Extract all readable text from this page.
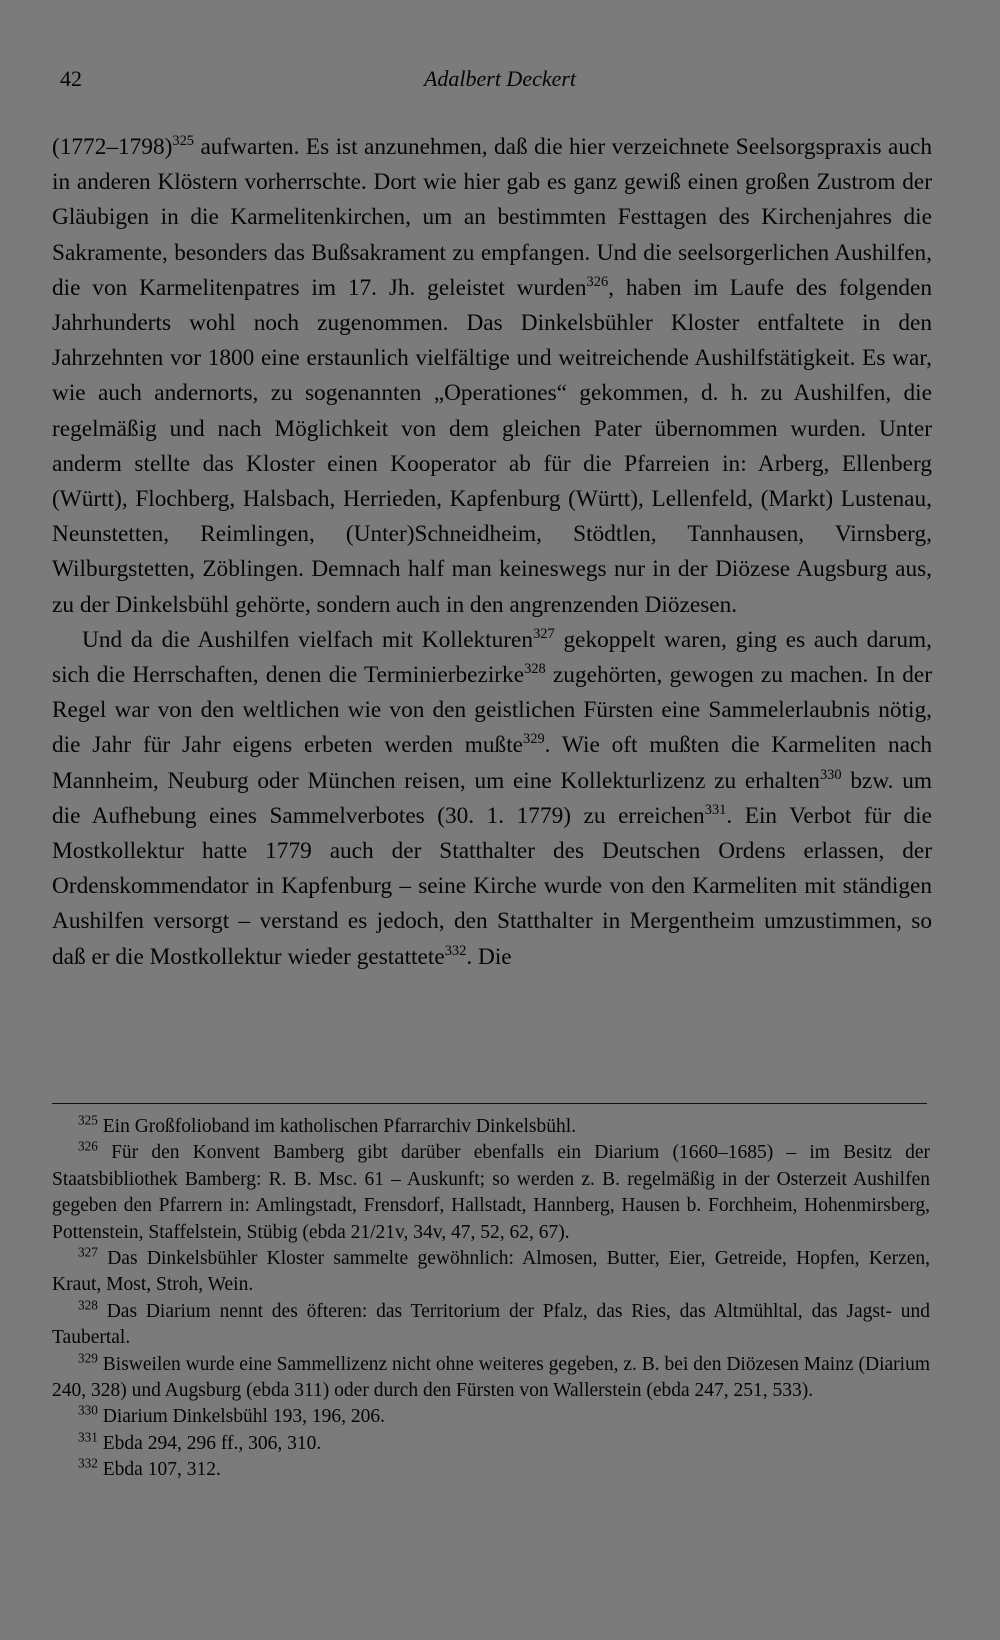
42	Adalbert Deckert

(1772–1798)$^{325}$ aufwarten. Es ist anzunehmen, daß die hier verzeichnete Seelsorgspraxis auch in anderen Klöstern vorherrschte. Dort wie hier gab es ganz gewiß einen großen Zustrom der Gläubigen in die Karmelitenkirchen, um an bestimmten Festtagen des Kirchenjahres die Sakramente, besonders das Bußsakrament zu empfangen. Und die seelsorgerlichen Aushilfen, die von Karmelitenpatres im 17. Jh. geleistet wurden$^{326}$, haben im Laufe des folgenden Jahrhunderts wohl noch zugenommen. Das Dinkelsbühler Kloster entfaltete in den Jahrzehnten vor 1800 eine erstaunlich vielfältige und weitreichende Aushilfstätigkeit. Es war, wie auch andernorts, zu sogenannten „Operationes“ gekommen, d. h. zu Aushilfen, die regelmäßig und nach Möglichkeit von dem gleichen Pater übernommen wurden. Unter anderm stellte das Kloster einen Kooperator ab für die Pfarreien in: Arberg, Ellenberg (Württ), Flochberg, Halsbach, Herrieden, Kapfenburg (Württ), Lellenfeld, (Markt) Lustenau, Neunstetten, Reimlingen, (Unter)Schneidheim, Stödtlen, Tannhausen, Virnsberg, Wilburgstetten, Zöblingen. Demnach half man keineswegs nur in der Diözese Augsburg aus, zu der Dinkelsbühl gehörte, sondern auch in den angrenzenden Diözesen.

Und da die Aushilfen vielfach mit Kollekturen$^{327}$ gekoppelt waren, ging es auch darum, sich die Herrschaften, denen die Terminierbezirke$^{328}$ zugehörten, gewogen zu machen. In der Regel war von den weltlichen wie von den geistlichen Fürsten eine Sammelerlaubnis nötig, die Jahr für Jahr eigens erbeten werden mußte$^{329}$. Wie oft mußten die Karmeliten nach Mannheim, Neuburg oder München reisen, um eine Kollekturlizenz zu erhalten$^{330}$ bzw. um die Aufhebung eines Sammelverbotes (30. 1. 1779) zu erreichen$^{331}$. Ein Verbot für die Mostkollektur hatte 1779 auch der Statthalter des Deutschen Ordens erlassen, der Ordenskommendator in Kapfenburg – seine Kirche wurde von den Karmeliten mit ständigen Aushilfen versorgt – verstand es jedoch, den Statthalter in Mergentheim umzustimmen, so daß er die Mostkollektur wieder gestattete$^{332}$. Die

$^{325}$ Ein Großfolioband im katholischen Pfarrarchiv Dinkelsbühl.

$^{326}$ Für den Konvent Bamberg gibt darüber ebenfalls ein Diarium (1660–1685) – im Besitz der Staatsbibliothek Bamberg: R. B. Msc. 61 – Auskunft; so werden z. B. regelmäßig in der Osterzeit Aushilfen gegeben den Pfarrern in: Amlingstadt, Frensdorf, Hallstadt, Hannberg, Hausen b. Forchheim, Hohenmirsberg, Pottenstein, Staffelstein, Stübig (ebda 21/21v, 34v, 47, 52, 62, 67).

$^{327}$ Das Dinkelsbühler Kloster sammelte gewöhnlich: Almosen, Butter, Eier, Getreide, Hopfen, Kerzen, Kraut, Most, Stroh, Wein.

$^{328}$ Das Diarium nennt des öfteren: das Territorium der Pfalz, das Ries, das Altmühltal, das Jagst- und Taubertal.

$^{329}$ Bisweilen wurde eine Sammellizenz nicht ohne weiteres gegeben, z. B. bei den Diözesen Mainz (Diarium 240, 328) und Augsburg (ebda 311) oder durch den Fürsten von Wallerstein (ebda 247, 251, 533).

$^{330}$ Diarium Dinkelsbühl 193, 196, 206.

$^{331}$ Ebda 294, 296 ff., 306, 310.

$^{332}$ Ebda 107, 312.
